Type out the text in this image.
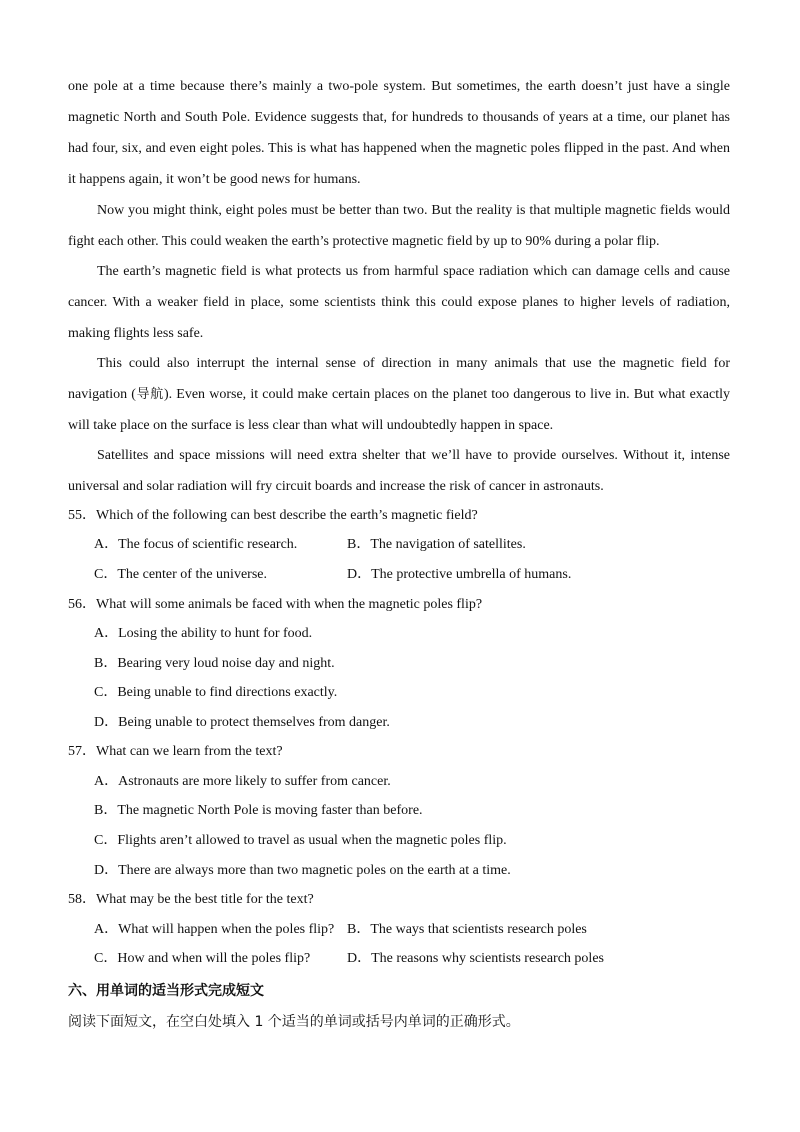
one pole at a time because there’s mainly a two-pole system. But sometimes, the earth doesn’t just have a single magnetic North and South Pole. Evidence suggests that, for hundreds to thousands of years at a time, our planet has had four, six, and even eight poles. This is what has happened when the magnetic poles flipped in the past. And when it happens again, it won’t be good news for humans.

Now you might think, eight poles must be better than two. But the reality is that multiple magnetic fields would fight each other. This could weaken the earth’s protective magnetic field by up to 90% during a polar flip.

The earth’s magnetic field is what protects us from harmful space radiation which can damage cells and cause cancer. With a weaker field in place, some scientists think this could expose planes to higher levels of radiation, making flights less safe.

This could also interrupt the internal sense of direction in many animals that use the magnetic field for navigation (导航). Even worse, it could make certain places on the planet too dangerous to live in. But what exactly will take place on the surface is less clear than what will undoubtedly happen in space.

Satellites and space missions will need extra shelter that we’ll have to provide ourselves. Without it, intense universal and solar radiation will fry circuit boards and increase the risk of cancer in astronauts.

55．Which of the following can best describe the earth’s magnetic field?
A．The focus of scientific research.	B．The navigation of satellites.
C．The center of the universe.	D．The protective umbrella of humans.
56．What will some animals be faced with when the magnetic poles flip?
A．Losing the ability to hunt for food.
B．Bearing very loud noise day and night.
C．Being unable to find directions exactly.
D．Being unable to protect themselves from danger.
57．What can we learn from the text?
A．Astronauts are more likely to suffer from cancer.
B．The magnetic North Pole is moving faster than before.
C．Flights aren’t allowed to travel as usual when the magnetic poles flip.
D．There are always more than two magnetic poles on the earth at a time.
58．What may be the best title for the text?
A．What will happen when the poles flip? B．The ways that scientists research poles
C．How and when will the poles flip?	D．The reasons why scientists research poles
六、用单词的适当形式完成短文
阅读下面短文，在空白处填入 1 个适当的单词或括号内单词的正确形式。
